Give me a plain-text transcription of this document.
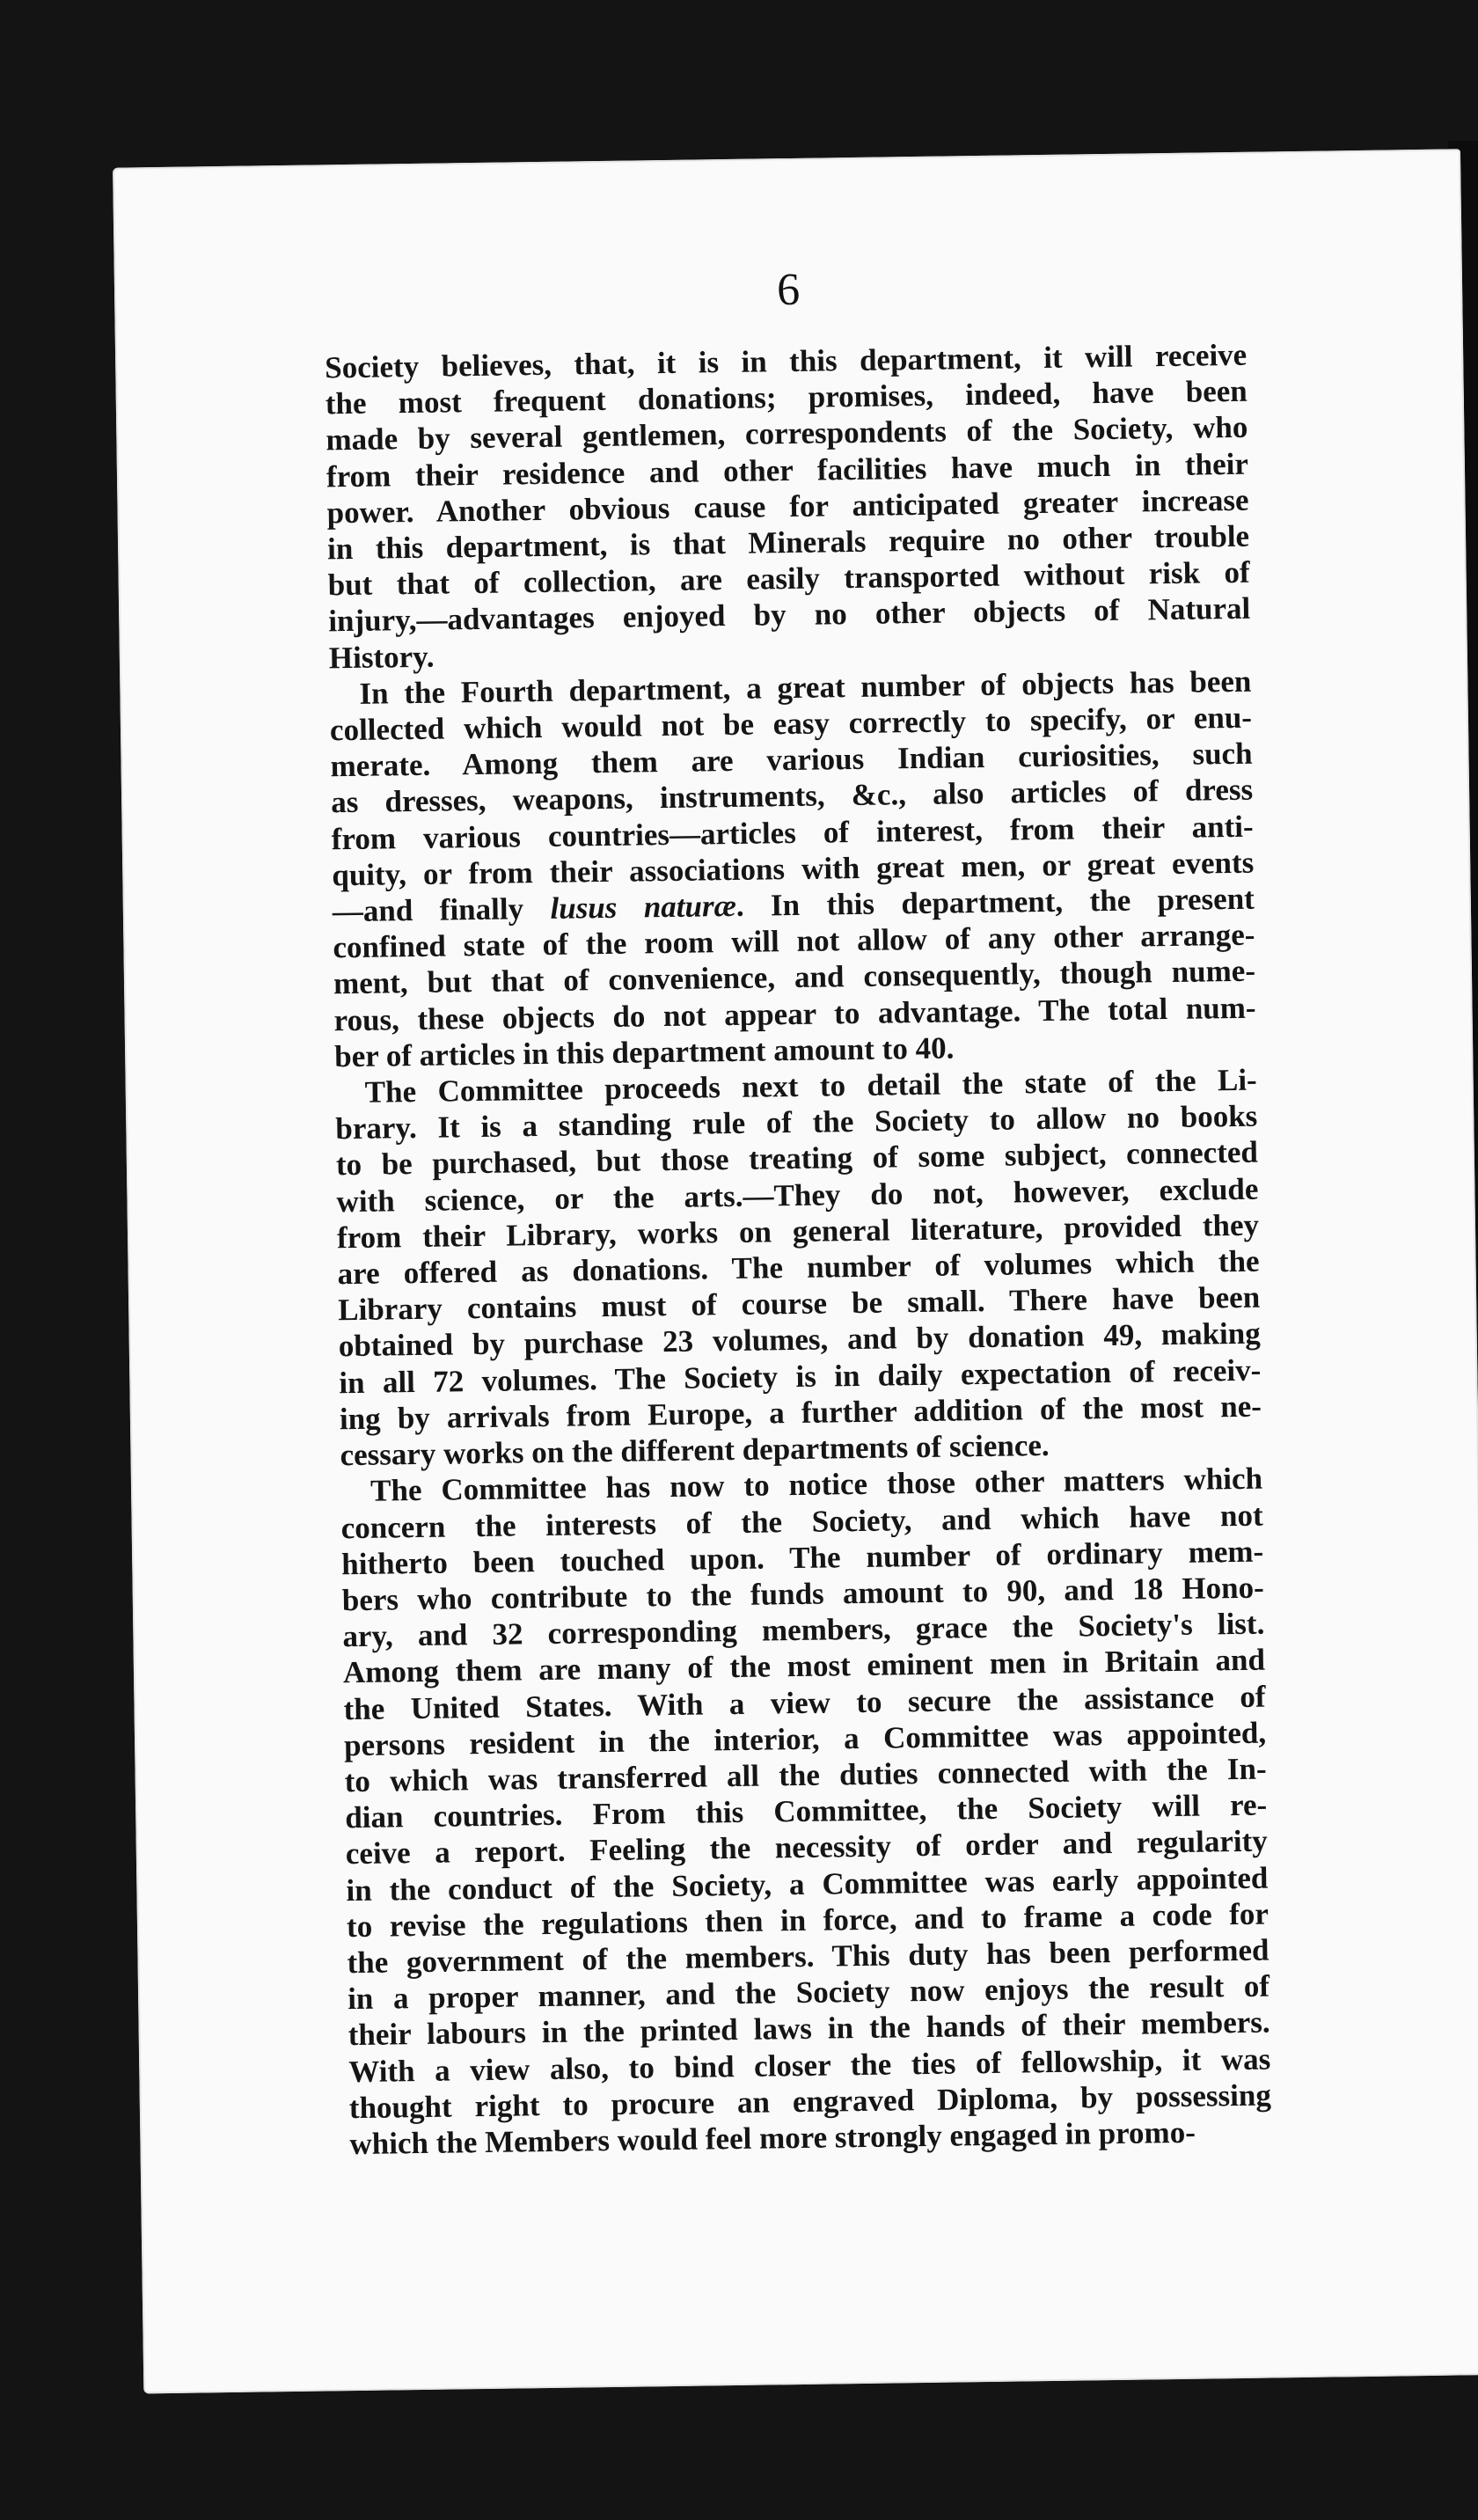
6
Society believes, that, it is in this department, it will receive
the most frequent donations; promises, indeed, have been
made by several gentlemen, correspondents of the Society, who
from their residence and other facilities have much in their
power. Another obvious cause for anticipated greater increase
in this department, is that Minerals require no other trouble
but that of collection, are easily transported without risk of
injury,—advantages enjoyed by no other objects of Natural
History.
In the Fourth department, a great number of objects has been
collected which would not be easy correctly to specify, or enu-
merate. Among them are various Indian curiosities, such
as dresses, weapons, instruments, &c., also articles of dress
from various countries—articles of interest, from their anti-
quity, or from their associations with great men, or great events
—and finally lusus naturæ. In this department, the present
confined state of the room will not allow of any other arrange-
ment, but that of convenience, and consequently, though nume-
rous, these objects do not appear to advantage. The total num-
ber of articles in this department amount to 40.
The Committee proceeds next to detail the state of the Li-
brary. It is a standing rule of the Society to allow no books
to be purchased, but those treating of some subject, connected
with science, or the arts.—They do not, however, exclude
from their Library, works on general literature, provided they
are offered as donations. The number of volumes which the
Library contains must of course be small. There have been
obtained by purchase 23 volumes, and by donation 49, making
in all 72 volumes. The Society is in daily expectation of receiv-
ing by arrivals from Europe, a further addition of the most ne-
cessary works on the different departments of science.
The Committee has now to notice those other matters which
concern the interests of the Society, and which have not
hitherto been touched upon. The number of ordinary mem-
bers who contribute to the funds amount to 90, and 18 Hono-
ary, and 32 corresponding members, grace the Society's list.
Among them are many of the most eminent men in Britain and
the United States. With a view to secure the assistance of
persons resident in the interior, a Committee was appointed,
to which was transferred all the duties connected with the In-
dian countries. From this Committee, the Society will re-
ceive a report. Feeling the necessity of order and regularity
in the conduct of the Society, a Committee was early appointed
to revise the regulations then in force, and to frame a code for
the government of the members. This duty has been performed
in a proper manner, and the Society now enjoys the result of
their labours in the printed laws in the hands of their members.
With a view also, to bind closer the ties of fellowship, it was
thought right to procure an engraved Diploma, by possessing
which the Members would feel more strongly engaged in promo-
